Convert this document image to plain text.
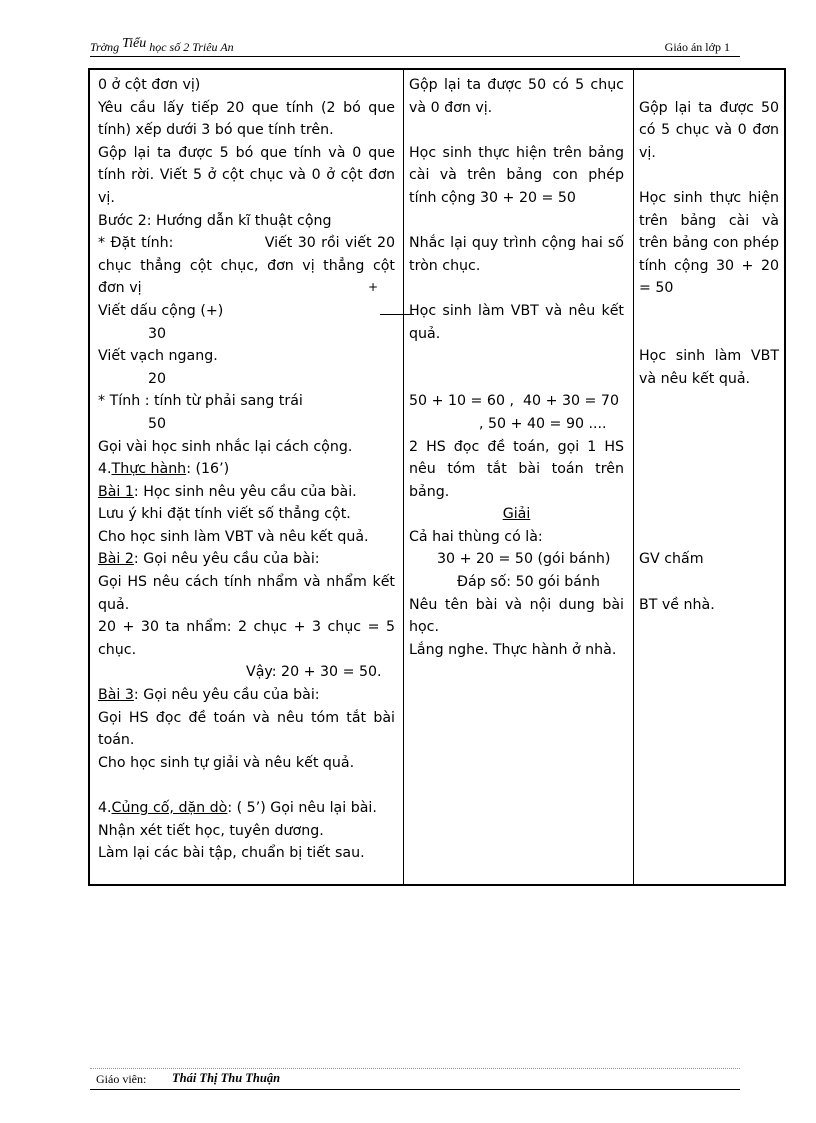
Trờng Tiểu học số 2 Triêu An	Giáo án lớp 1
0 ở cột đơn vị)
Yêu cầu lấy tiếp 20 que tính (2 bó que tính) xếp dưới 3 bó que tính trên.
Gộp lại ta được 5 bó que tính và 0 que tính rời. Viết 5 ở cột chục và 0 ở cột đơn vị.
Bước 2: Hướng dẫn kĩ thuật cộng
* Đặt tính:                 Viết 30 rồi viết 20 chục thẳng cột chục, đơn vị thẳng cột đơn vị
Viết dấu cộng (+)
30
Viết vạch ngang.
20
* Tính : tính từ phải sang trái
50
Gọi vài học sinh nhắc lại cách cộng.
4.Thực hành: (16’)
Bài 1: Học sinh nêu yêu cầu của bài.
Lưu ý khi đặt tính viết số thẳng cột.
Cho học sinh làm VBT và nêu kết quả.
Bài 2: Gọi nêu yêu cầu của bài:
Gọi HS nêu cách tính nhẩm và nhẩm kết quả.
20 + 30 ta nhẩm: 2 chục + 3 chục = 5 chục.
Vậy: 20 + 30 = 50.
Bài 3: Gọi nêu yêu cầu của bài:
Gọi HS đọc đề toán và nêu tóm tắt bài toán.
Cho học sinh tự giải và nêu kết quả.
4.Củng cố, dặn dò: ( 5’) Gọi nêu lại bài.
Nhận xét tiết học, tuyên dương.
Làm lại các bài tập, chuẩn bị tiết sau.
+
Gộp lại ta được 50 có 5 chục và 0 đơn vị.
Học sinh thực hiện trên bảng cài và trên bảng con phép tính cộng 30 + 20 = 50
Nhắc lại quy trình cộng hai số tròn chục.
Học sinh làm VBT và nêu kết quả.
50 + 10 = 60 ,  40 + 30 = 70
, 50 + 40 = 90 ....
2 HS đọc đề toán, gọi 1 HS nêu tóm tắt bài toán trên bảng.
Giải
Cả hai thùng có là:
30 + 20 = 50 (gói bánh)
Đáp số: 50 gói bánh
Nêu tên bài và nội dung bài học.
Lắng nghe. Thực hành ở nhà.
Gộp lại ta được 50 có 5 chục và 0 đơn vị.
Học sinh thực hiện trên bảng cài và trên bảng con phép tính cộng 30 + 20 = 50
Học sinh làm VBT và nêu kết quả.
GV chấm
BT về nhà.
Giáo viên: Thái Thị Thu Thuận
